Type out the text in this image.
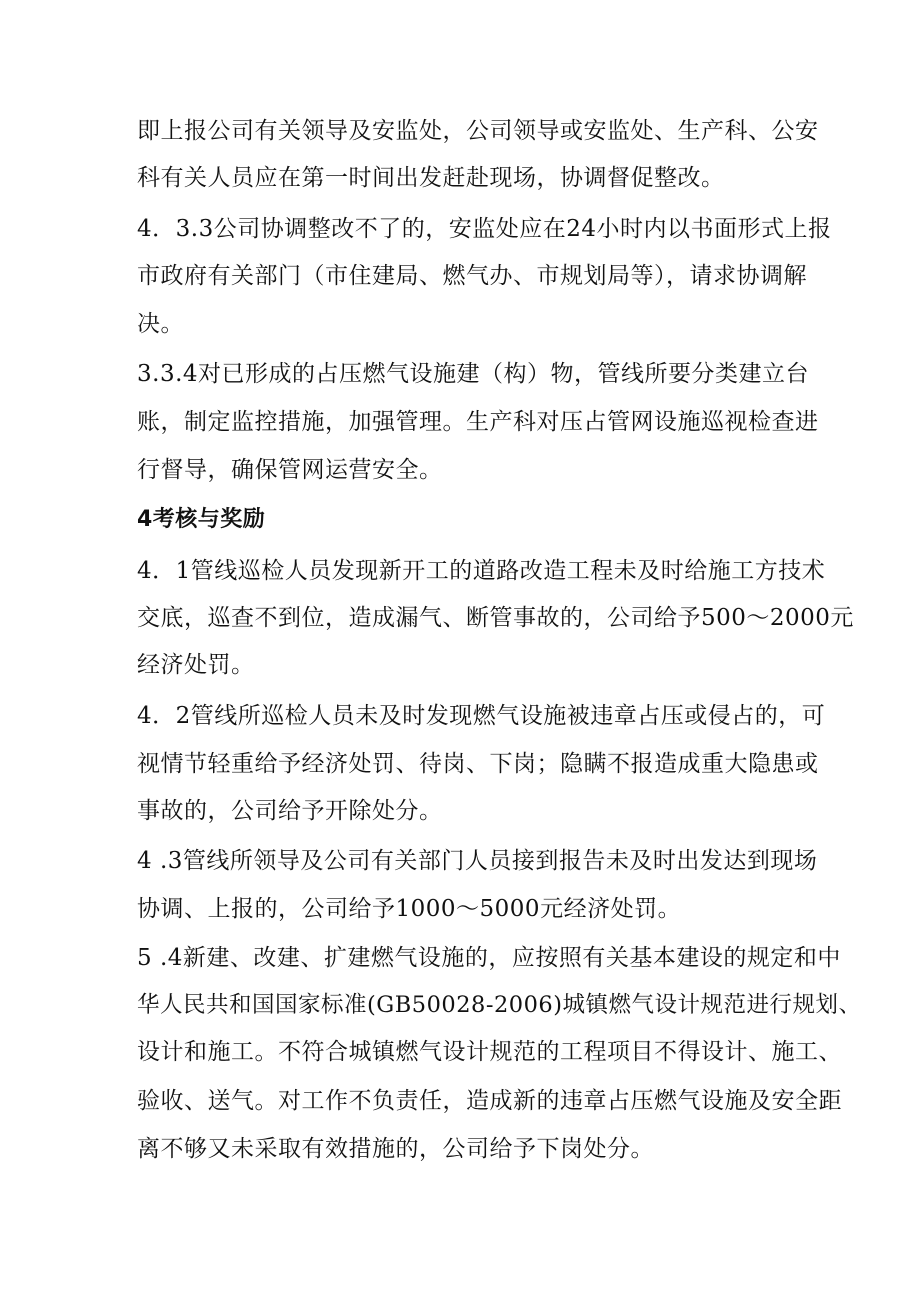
即上报公司有关领导及安监处，公司领导或安监处、生产科、公安
科有关人员应在第一时间出发赶赴现场，协调督促整改。
4．3.3公司协调整改不了的，安监处应在24小时内以书面形式上报
市政府有关部门（市住建局、燃气办、市规划局等），请求协调解
决。
3.3.4对已形成的占压燃气设施建（构）物，管线所要分类建立台
账，制定监控措施，加强管理。生产科对压占管网设施巡视检查进
行督导，确保管网运营安全。
4考核与奖励
4．1管线巡检人员发现新开工的道路改造工程未及时给施工方技术
交底，巡查不到位，造成漏气、断管事故的，公司给予500～2000元
经济处罚。
4．2管线所巡检人员未及时发现燃气设施被违章占压或侵占的，可
视情节轻重给予经济处罚、待岗、下岗；隐瞒不报造成重大隐患或
事故的，公司给予开除处分。
4 .3管线所领导及公司有关部门人员接到报告未及时出发达到现场
协调、上报的，公司给予1000～5000元经济处罚。
5 .4新建、改建、扩建燃气设施的，应按照有关基本建设的规定和中
华人民共和国国家标准(GB50028-2006)城镇燃气设计规范进行规划、
设计和施工。不符合城镇燃气设计规范的工程项目不得设计、施工、
验收、送气。对工作不负责任，造成新的违章占压燃气设施及安全距
离不够又未采取有效措施的，公司给予下岗处分。
